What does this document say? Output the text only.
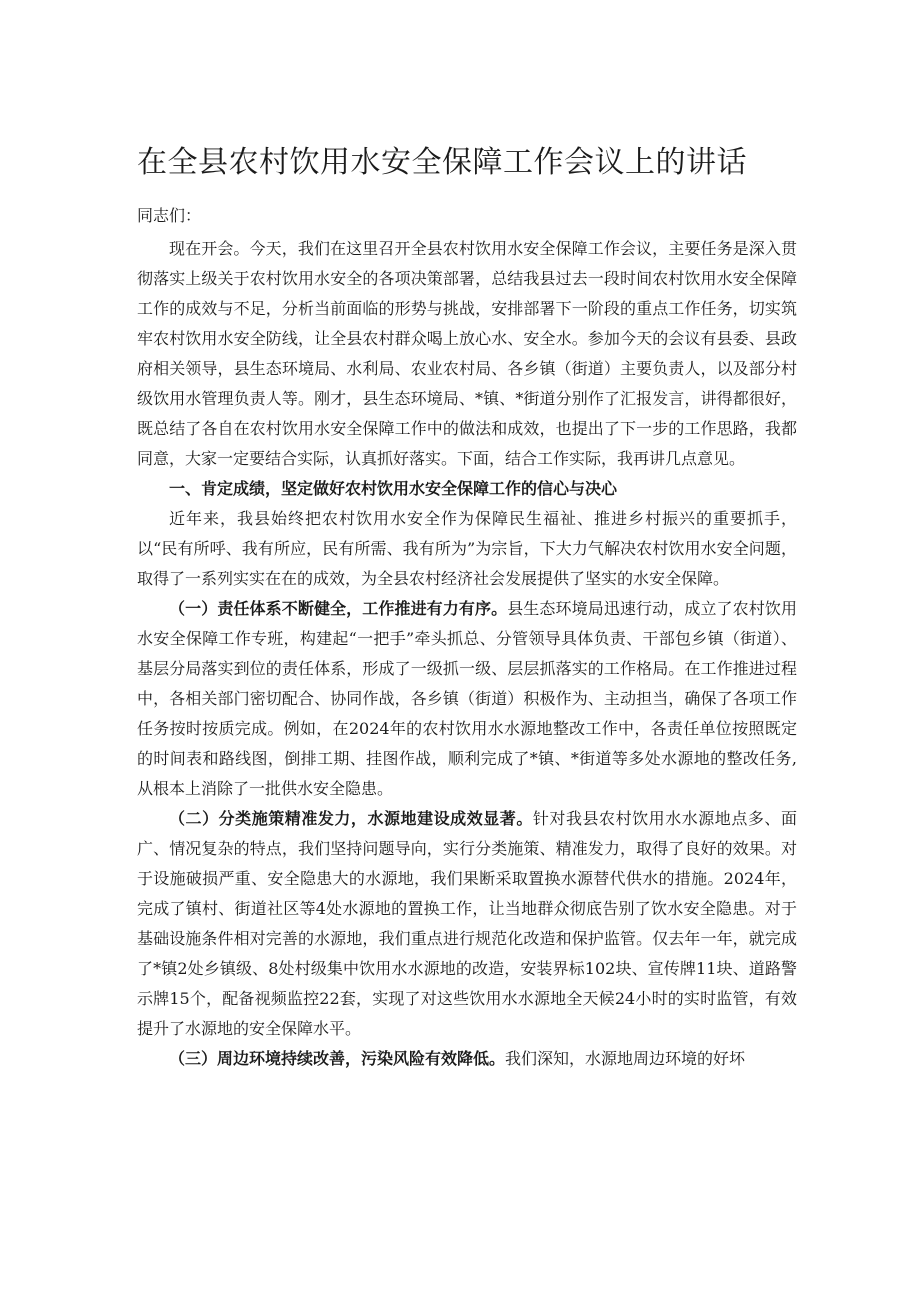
在全县农村饮用水安全保障工作会议上的讲话
同志们：

现在开会。今天，我们在这里召开全县农村饮用水安全保障工作会议，主要任务是深入贯彻落实上级关于农村饮用水安全的各项决策部署，总结我县过去一段时间农村饮用水安全保障工作的成效与不足，分析当前面临的形势与挑战，安排部署下一阶段的重点工作任务，切实筑牢农村饮用水安全防线，让全县农村群众喝上放心水、安全水。参加今天的会议有县委、县政府相关领导，县生态环境局、水利局、农业农村局、各乡镇（街道）主要负责人，以及部分村级饮用水管理负责人等。刚才，县生态环境局、*镇、*街道分别作了汇报发言，讲得都很好，既总结了各自在农村饮用水安全保障工作中的做法和成效，也提出了下一步的工作思路，我都同意，大家一定要结合实际，认真抓好落实。下面，结合工作实际，我再讲几点意见。

一、肯定成绩，坚定做好农村饮用水安全保障工作的信心与决心

近年来，我县始终把农村饮用水安全作为保障民生福祉、推进乡村振兴的重要抓手，以“民有所呼、我有所应，民有所需、我有所为”为宗旨，下大力气解决农村饮用水安全问题，取得了一系列实实在在的成效，为全县农村经济社会发展提供了坚实的水安全保障。

（一）责任体系不断健全，工作推进有力有序。县生态环境局迅速行动，成立了农村饮用水安全保障工作专班，构建起“一把手”牵头抓总、分管领导具体负责、干部包乡镇（街道）、基层分局落实到位的责任体系，形成了一级抓一级、层层抓落实的工作格局。在工作推进过程中，各相关部门密切配合、协同作战，各乡镇（街道）积极作为、主动担当，确保了各项工作任务按时按质完成。例如，在2024年的农村饮用水水源地整改工作中，各责任单位按照既定的时间表和路线图，倒排工期、挂图作战，顺利完成了*镇、*街道等多处水源地的整改任务,从根本上消除了一批供水安全隐患。

（二）分类施策精准发力，水源地建设成效显著。针对我县农村饮用水水源地点多、面广、情况复杂的特点，我们坚持问题导向，实行分类施策、精准发力，取得了良好的效果。对于设施破损严重、安全隐患大的水源地，我们果断采取置换水源替代供水的措施。2024年，完成了镇村、街道社区等4处水源地的置换工作，让当地群众彻底告别了饮水安全隐患。对于基础设施条件相对完善的水源地，我们重点进行规范化改造和保护监管。仅去年一年，就完成了*镇2处乡镇级、8处村级集中饮用水水源地的改造，安装界标102块、宣传牌11块、道路警示牌15个，配备视频监控22套，实现了对这些饮用水水源地全天候24小时的实时监管，有效提升了水源地的安全保障水平。

（三）周边环境持续改善，污染风险有效降低。我们深知，水源地周边环境的好坏
